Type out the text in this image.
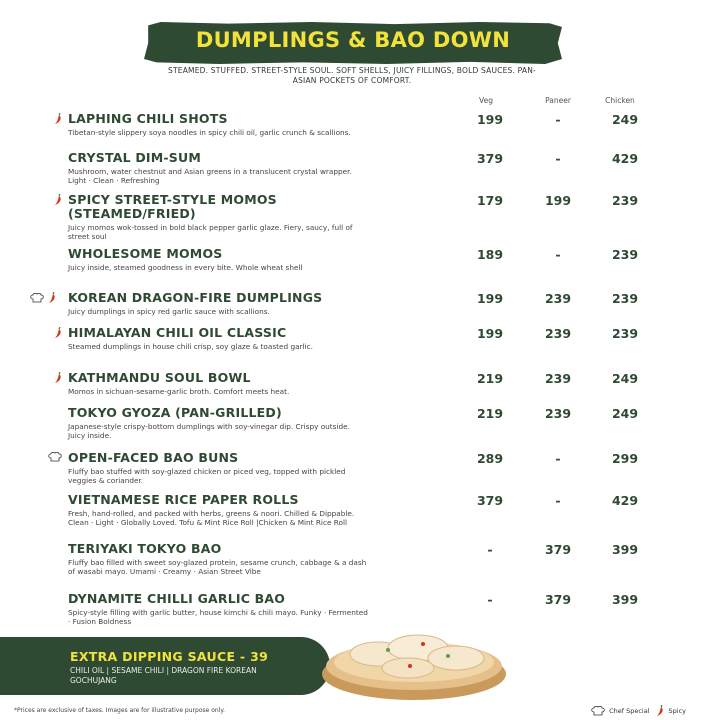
DUMPLINGS & BAO DOWN
STEAMED. STUFFED. STREET-STYLE SOUL. SOFT SHELLS, JUICY FILLINGS, BOLD SAUCES. PAN-ASIAN POCKETS OF COMFORT.
Veg	Paneer	Chicken
LAPHING CHILI SHOTS
Tibetan-style slippery soya noodles in spicy chili oil, garlic crunch & scallions.
199	-	249
CRYSTAL DIM-SUM
Mushroom, water chestnut and Asian greens in a translucent crystal wrapper. Light · Clean · Refreshing
379	-	429
SPICY STREET-STYLE MOMOS (STEAMED/FRIED)
Juicy momos wok-tossed in bold black pepper garlic glaze. Fiery, saucy, full of street soul
179	199	239
WHOLESOME MOMOS
Juicy inside, steamed goodness in every bite. Whole wheat shell
189	-	239
KOREAN DRAGON-FIRE DUMPLINGS
Juicy dumplings in spicy red garlic sauce with scallions.
199	239	239
HIMALAYAN CHILI OIL CLASSIC
Steamed dumplings in house chili crisp, soy glaze & toasted garlic.
199	239	239
KATHMANDU SOUL BOWL
Momos in sichuan-sesame-garlic broth. Comfort meets heat.
219	239	249
TOKYO GYOZA (PAN-GRILLED)
Japanese-style crispy-bottom dumplings with soy-vinegar dip. Crispy outside. Juicy inside.
219	239	249
OPEN-FACED BAO BUNS
Fluffy bao stuffed with soy-glazed chicken or piced veg, topped with pickled veggies & coriander.
289	-	299
VIETNAMESE RICE PAPER ROLLS
Fresh, hand-rolled, and packed with herbs, greens & noori. Chilled & Dippable. Clean · Light · Globally Loved. Tofu & Mint Rice Roll |Chicken & Mint Rice Roll
379	-	429
TERIYAKI TOKYO BAO
Fluffy bao filled with sweet soy-glazed protein, sesame crunch, cabbage & a dash of wasabi mayo. Umami · Creamy · Asian Street Vibe
-	379	399
DYNAMITE CHILLI GARLIC BAO
Spicy-style filling with garlic butter, house kimchi & chili mayo. Funky · Fermented · Fusion Boldness
-	379	399
EXTRA DIPPING SAUCE - 39
CHILI OIL | SESAME CHILI | DRAGON FIRE KOREAN GOCHUJANG
*Prices are exclusive of taxes. Images are for illustrative purpose only.	Chef Special	Spicy
